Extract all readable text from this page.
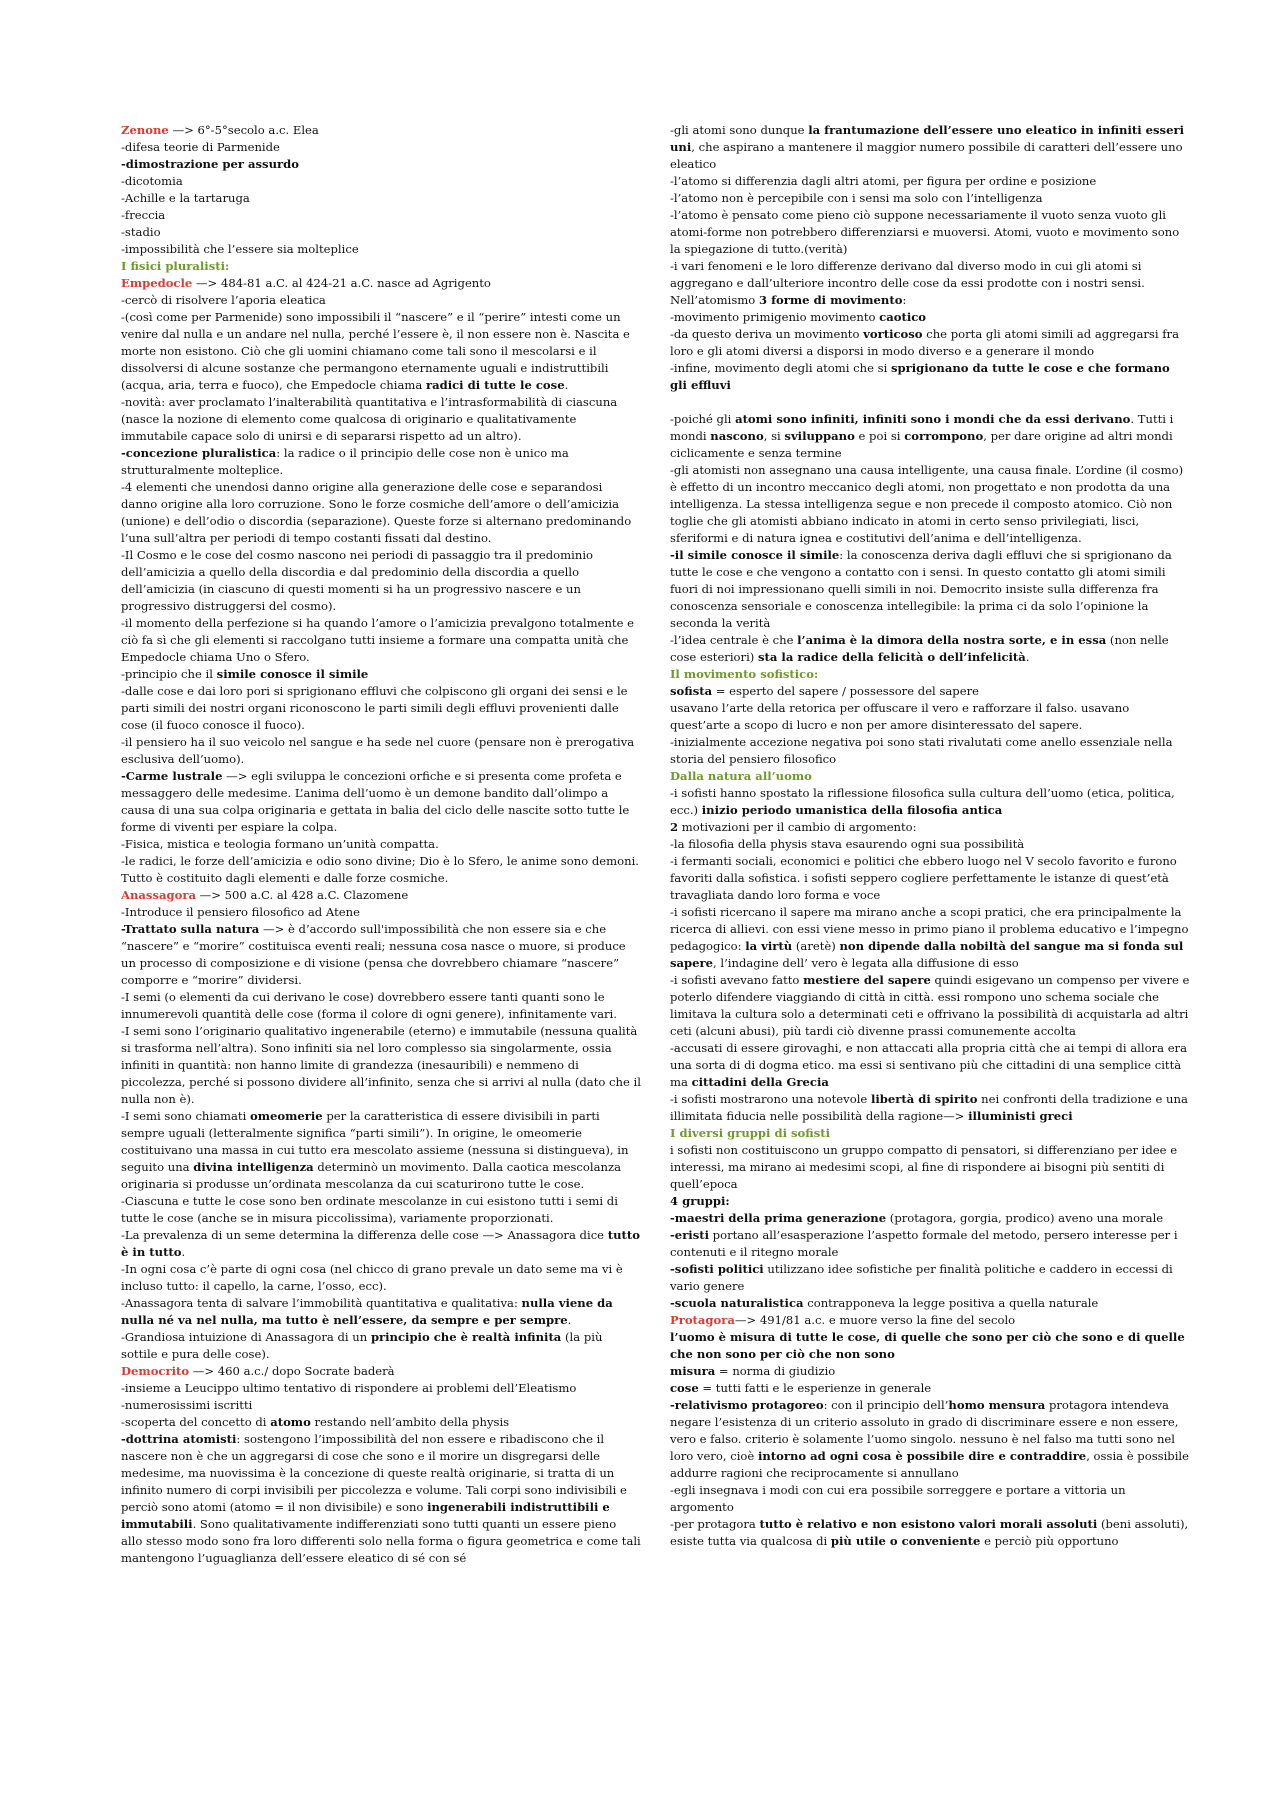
Zenone —> 6°-5°secolo a.c. Elea
-difesa teorie di Parmenide
-dimostrazione per assurdo
-dicotomia
-Achille e la tartaruga
-freccia
-stadio
-impossibilità che l’essere sia molteplice
I fisici pluralisti:
Empedocle —> 484-81 a.C. al 424-21 a.C. nasce ad Agrigento
-cercò di risolvere l’aporia eleatica
-(così come per Parmenide) sono impossibili il “nascere” e il “perire” intesti come un venire dal nulla e un andare nel nulla, perché l’essere è, il non essere non è. Nascita e morte non esistono. Ciò che gli uomini chiamano come tali sono il mescolarsi e il dissolversi di alcune sostanze che permangono eternamente uguali e indistruttibili (acqua, aria, terra e fuoco), che Empedocle chiama radici di tutte le cose.
-novità: aver proclamato l’inalterabilità quantitativa e l’intrasformabilità di ciascuna (nasce la nozione di elemento come qualcosa di originario e qualitativamente immutabile capace solo di unirsi e di separarsi rispetto ad un altro).
-concezione pluralistica: la radice o il principio delle cose non è unico ma strutturalmente molteplice.
-4 elementi che unendosi danno origine alla generazione delle cose e separandosi danno origine alla loro corruzione. Sono le forze cosmiche dell’amore o dell’amicizia (unione) e dell’odio o discordia (separazione). Queste forze si alternano predominando l’una sull’altra per periodi di tempo costanti fissati dal destino.
-Il Cosmo e le cose del cosmo nascono nei periodi di passaggio tra il predominio dell’amicizia a quello della discordia e dal predominio della discordia a quello dell’amicizia (in ciascuno di questi momenti si ha un progressivo nascere e un progressivo distruggersi del cosmo).
-il momento della perfezione si ha quando l’amore o l’amicizia prevalgono totalmente e ciò fa sì che gli elementi si raccolgano tutti insieme a formare una compatta unità che Empedocle chiama Uno o Sfero.
-principio che il simile conosce il simile
-dalle cose e dai loro pori si sprigionano effluvi che colpiscono gli organi dei sensi e le parti simili dei nostri organi riconoscono le parti simili degli effluvi provenienti dalle cose (il fuoco conosce il fuoco).
-il pensiero ha il suo veicolo nel sangue e ha sede nel cuore (pensare non è prerogativa esclusiva dell’uomo).
-Carme lustrale —> egli sviluppa le concezioni orfiche e si presenta come profeta e messaggero delle medesime. L’anima dell’uomo è un demone bandito dall’olimpo a causa di una sua colpa originaria e gettata in balia del ciclo delle nascite sotto tutte le forme di viventi per espiare la colpa.
-Fisica, mistica e teologia formano un’unità compatta.
-le radici, le forze dell’amicizia e odio sono divine; Dio è lo Sfero, le anime sono demoni. Tutto è costituito dagli elementi e dalle forze cosmiche.
Anassagora —> 500 a.C. al 428 a.C. Clazomene
-Introduce il pensiero filosofico ad Atene
-Trattato sulla natura —> è d’accordo sull'impossibilità che non essere sia e che “nascere” e “morire” costituisca eventi reali; nessuna cosa nasce o muore, si produce un processo di composizione e di visione (pensa che dovrebbero chiamare “nascere” comporre e “morire” dividersi.
-I semi (o elementi da cui derivano le cose) dovrebbero essere tanti quanti sono le innumerevoli quantità delle cose (forma il colore di ogni genere), infinitamente vari.
-I semi sono l’originario qualitativo ingenerabile (eterno) e immutabile (nessuna qualità si trasforma nell’altra). Sono infiniti sia nel loro complesso sia singolarmente, ossia infiniti in quantità: non hanno limite di grandezza (inesauribili) e nemmeno di piccolezza, perché si possono dividere all’infinito, senza che si arrivi al nulla (dato che il nulla non è).
-I semi sono chiamati omeomerie per la caratteristica di essere divisibili in parti sempre uguali (letteralmente significa “parti simili”). In origine, le omeomerie costituivano una massa in cui tutto era mescolato assieme (nessuna si distingueva), in seguito una divina intelligenza determinò un movimento. Dalla caotica mescolanza originaria si produsse un’ordinata mescolanza da cui scaturirono tutte le cose.
-Ciascuna e tutte le cose sono ben ordinate mescolanze in cui esistono tutti i semi di tutte le cose (anche se in misura piccolissima), variamente proporzionati.
-La prevalenza di un seme determina la differenza delle cose —> Anassagora dice tutto è in tutto.
-In ogni cosa c’è parte di ogni cosa (nel chicco di grano prevale un dato seme ma vi è incluso tutto: il capello, la carne, l’osso, ecc).
-Anassagora tenta di salvare l’immobilità quantitativa e qualitativa: nulla viene da nulla né va nel nulla, ma tutto è nell’essere, da sempre e per sempre.
-Grandiosa intuizione di Anassagora di un principio che è realtà infinita (la più sottile e pura delle cose).
Democrito —> 460 a.c./ dopo Socrate baderà
-insieme a Leucippo ultimo tentativo di rispondere ai problemi dell’Eleatismo
-numerosissimi iscritti
-scoperta del concetto di atomo restando nell’ambito della physis
-dottrina atomisti: sostengono l’impossibilità del non essere e ribadiscono che il nascere non è che un aggregarsi di cose che sono e il morire un disgregarsi delle medesime, ma nuovissima è la concezione di queste realtà originarie, si tratta di un infinito numero di corpi invisibili per piccolezza e volume. Tali corpi sono indivisibili e perciò sono atomi (atomo = il non divisibile) e sono ingenerabili indistruttibili e immutabili. Sono qualitativamente indifferenziati sono tutti quanti un essere pieno allo stesso modo sono fra loro differenti solo nella forma o figura geometrica e come tali mantengono l’uguaglianza dell’essere eleatico di sé con sé
-gli atomi sono dunque la frantumazione dell’essere uno eleatico in infiniti esseri uni, che aspirano a mantenere il maggior numero possibile di caratteri dell’essere uno eleatico
-l’atomo si differenzia dagli altri atomi, per figura per ordine e posizione
-l’atomo non è percepibile con i sensi ma solo con l’intelligenza
-l’atomo è pensato come pieno ciò suppone necessariamente il vuoto senza vuoto gli atomi-forme non potrebbero differenziarsi e muoversi. Atomi, vuoto e movimento sono la spiegazione di tutto.(verità)
-i vari fenomeni e le loro differenze derivano dal diverso modo in cui gli atomi si aggregano e dall’ulteriore incontro delle cose da essi prodotte con i nostri sensi.
Nell’atomismo 3 forme di movimento:
-movimento primigenio movimento caotico
-da questo deriva un movimento vorticoso che porta gli atomi simili ad aggregarsi fra loro e gli atomi diversi a disporsi in modo diverso e a generare il mondo
-infine, movimento degli atomi che si sprigionano da tutte le cose e che formano gli effluvi
-poiché gli atomi sono infiniti, infiniti sono i mondi che da essi derivano. Tutti i mondi nascono, si sviluppano e poi si corrompono, per dare origine ad altri mondi ciclicamente e senza termine
-gli atomisti non assegnano una causa intelligente, una causa finale. L’ordine (il cosmo) è effetto di un incontro meccanico degli atomi, non progettato e non prodotta da una intelligenza. La stessa intelligenza segue e non precede il composto atomico. Ciò non toglie che gli atomisti abbiano indicato in atomi in certo senso privilegiati, lisci, sferiformi e di natura ignea e costitutivi dell’anima e dell’intelligenza.
-il simile conosce il simile: la conoscenza deriva dagli effluvi che si sprigionano da tutte le cose e che vengono a contatto con i sensi. In questo contatto gli atomi simili fuori di noi impressionano quelli simili in noi. Democrito insiste sulla differenza fra conoscenza sensoriale e conoscenza intellegibile: la prima ci da solo l’opinione la seconda la verità
-l’idea centrale è che l’anima è la dimora della nostra sorte, e in essa (non nelle cose esteriori) sta la radice della felicità o dell’infelicità.
Il movimento sofistico:
sofista = esperto del sapere / possessore del sapere
usavano l’arte della retorica per offuscare il vero e rafforzare il falso. usavano quest’arte a scopo di lucro e non per amore disinteressato del sapere.
-inizialmente accezione negativa poi sono stati rivalutati come anello essenziale nella storia del pensiero filosofico
Dalla natura all’uomo
-i sofisti hanno spostato la riflessione filosofica sulla cultura dell’uomo (etica, politica, ecc.) inizio periodo umanistica della filosofia antica
2 motivazioni per il cambio di argomento:
-la filosofia della physis stava esaurendo ogni sua possibilità
-i fermanti sociali, economici e politici che ebbero luogo nel V secolo favorito e furono favoriti dalla sofistica. i sofisti seppero cogliere perfettamente le istanze di quest’età travagliata dando loro forma e voce
-i sofisti ricercano il sapere ma mirano anche a scopi pratici, che era principalmente la ricerca di allievi. con essi viene messo in primo piano il problema educativo e l’impegno pedagogico: la virtù (aretè) non dipende dalla nobiltà del sangue ma si fonda sul sapere, l’indagine dell’ vero è legata alla diffusione di esso
-i sofisti avevano fatto mestiere del sapere quindi esigevano un compenso per vivere e poterlo difendere viaggiando di città in città. essi rompono uno schema sociale che limitava la cultura solo a determinati ceti e offrivano la possibilità di acquistarla ad altri ceti (alcuni abusi), più tardi ciò divenne prassi comunemente accolta
-accusati di essere girovaghi, e non attaccati alla propria città che ai tempi di allora era una sorta di di dogma etico. ma essi si sentivano più che cittadini di una semplice città ma cittadini della Grecia
-i sofisti mostrarono una notevole libertà di spirito nei confronti della tradizione e una illimitata fiducia nelle possibilità della ragione—> illuministi greci
I diversi gruppi di sofisti
i sofisti non costituiscono un gruppo compatto di pensatori, si differenziano per idee e interessi, ma mirano ai medesimi scopi, al fine di rispondere ai bisogni più sentiti di quell’epoca
4 gruppi:
-maestri della prima generazione (protagora, gorgia, prodico) aveno una morale
-eristi portano all’esasperazione l’aspetto formale del metodo, persero interesse per i contenuti e il ritegno morale
-sofisti politici utilizzano idee sofistiche per finalità politiche e caddero in eccessi di vario genere
-scuola naturalistica contrapponeva la legge positiva a quella naturale
Protagora—> 491/81 a.c. e muore verso la fine del secolo
l’uomo è misura di tutte le cose, di quelle che sono per ciò che sono e di quelle che non sono per ciò che non sono
misura = norma di giudizio
cose = tutti fatti e le esperienze in generale
-relativismo protagoreo: con il principio dell’homo mensura protagora intendeva negare l’esistenza di un criterio assoluto in grado di discriminare essere e non essere, vero e falso. criterio è solamente l’uomo singolo. nessuno è nel falso ma tutti sono nel loro vero, cioè intorno ad ogni cosa è possibile dire e contraddire, ossia è possibile addurre ragioni che reciprocamente si annullano
-egli insegnava i modi con cui era possibile sorreggere e portare a vittoria un argomento
-per protagora tutto è relativo e non esistono valori morali assoluti (beni assoluti), esiste tutta via qualcosa di più utile o conveniente e perciò più opportuno
